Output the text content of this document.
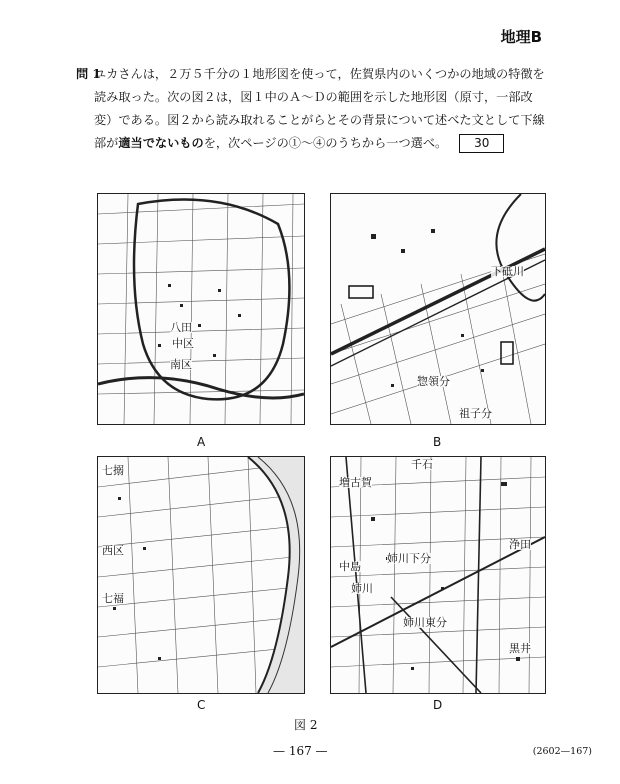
地理B
問 1
ユカさんは，２万５千分の１地形図を使って，佐賀県内のいくつかの地域の特徴を読み取った。次の図２は，図１中のＡ～Ｄの範囲を示した地形図（原寸，一部改変）である。図２から読み取れることがらとその背景について述べた文として下線部が適当でないものを，次ページの①～④のうちから一つ選べ。 30
八田
中区
南区
A
下砥川
惣領分
祖子分
B
七搦
西区
七福
C
千石
増古賀
姉川
姉川下分
姉川東分
黒井
浄田
中島
D
図 2
— 167 —	(2602—167)
